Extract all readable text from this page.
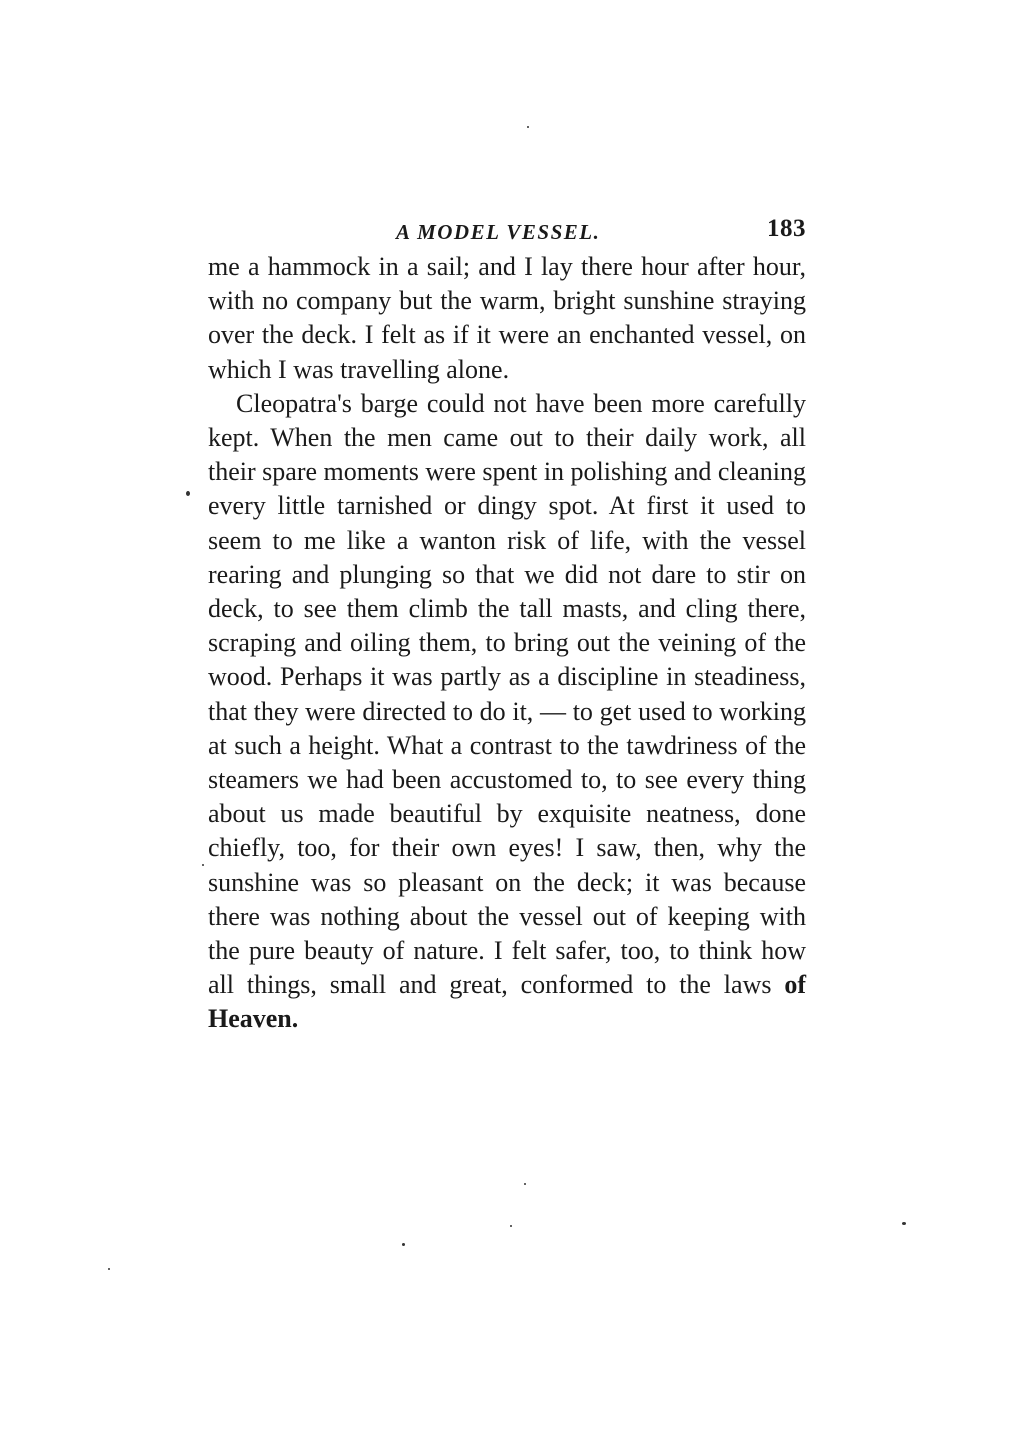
A MODEL VESSEL.	183

me a hammock in a sail; and I lay there hour after hour, with no company but the warm, bright sunshine straying over the deck. I felt as if it were an enchanted vessel, on which I was travelling alone.

Cleopatra's barge could not have been more carefully kept. When the men came out to their daily work, all their spare moments were spent in polishing and cleaning every little tarnished or dingy spot. At first it used to seem to me like a wanton risk of life, with the vessel rearing and plunging so that we did not dare to stir on deck, to see them climb the tall masts, and cling there, scraping and oiling them, to bring out the veining of the wood. Perhaps it was partly as a discipline in steadiness, that they were directed to do it, — to get used to working at such a height. What a contrast to the tawdriness of the steamers we had been accustomed to, to see every thing about us made beautiful by exquisite neatness, done chiefly, too, for their own eyes! I saw, then, why the sunshine was so pleasant on the deck; it was because there was nothing about the vessel out of keeping with the pure beauty of nature. I felt safer, too, to think how all things, small and great, conformed to the laws of Heaven.
